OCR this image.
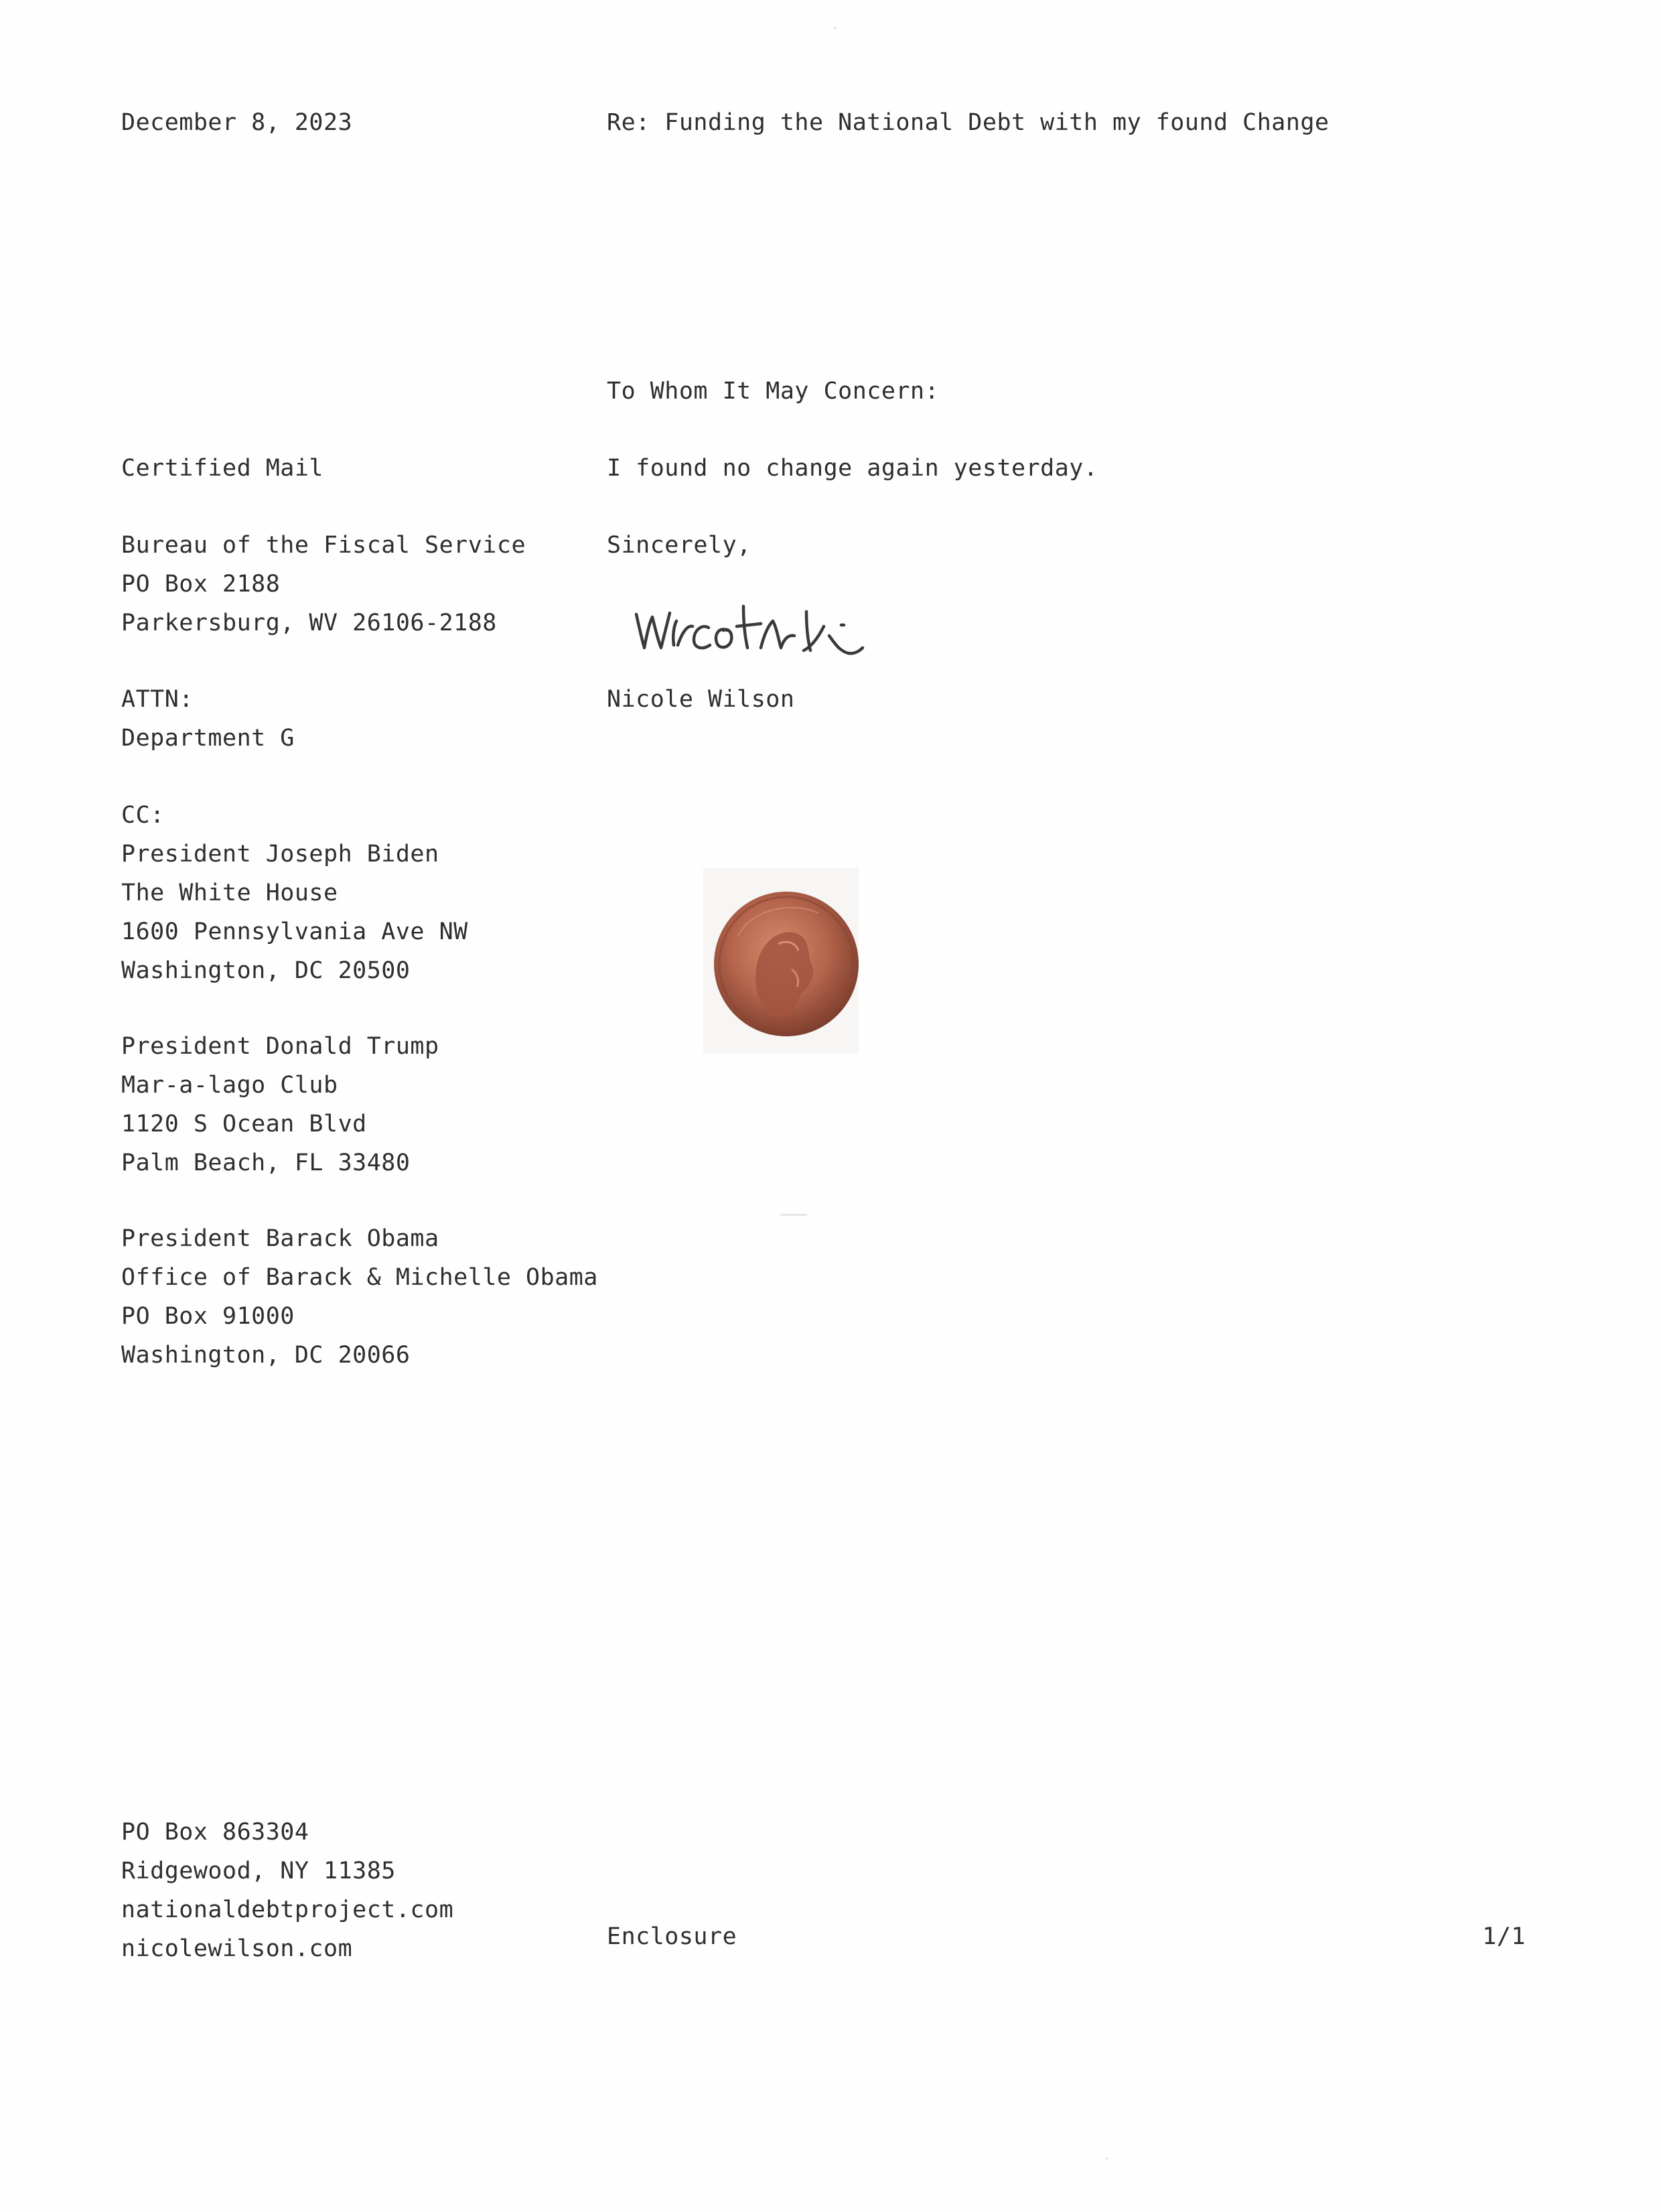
December 8, 2023	Re: Funding the National Debt with my found Change
To Whom It May Concern:
Certified Mail	I found no change again yesterday.
Sincerely,
Bureau of the Fiscal Service
PO Box 2188
Parkersburg, WV 26106-2188
ATTN:	Nicole Wilson
Department G
CC:
President Joseph Biden
The White House
1600 Pennsylvania Ave NW
Washington, DC 20500
President Donald Trump
Mar-a-lago Club
1120 S Ocean Blvd
Palm Beach, FL 33480
President Barack Obama
Office of Barack & Michelle Obama
PO Box 91000
Washington, DC 20066
PO Box 863304
Ridgewood, NY 11385
nationaldebtproject.com
nicolewilson.com	Enclosure	1/1
